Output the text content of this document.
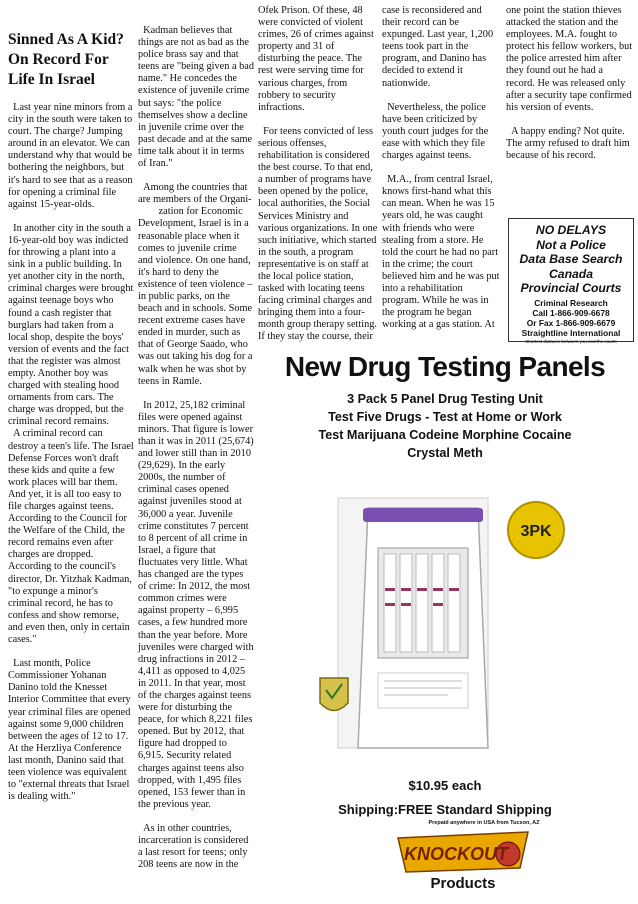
Sinned As A Kid? On Record For Life In Israel

Last year nine minors from a city in the south were taken to court. The charge? Jumping around in an elevator. We can understand why that would be bothering the neighbors, but it's hard to see that as a reason for opening a criminal file against 15-year-olds.

In another city in the south a 16-year-old boy was indicted for throwing a plant into a sink in a public building. In yet another city in the north, criminal charges were brought against teenage boys who found a cash register that burglars had taken from a local shop, despite the boys' version of events and the fact that the register was almost empty. Another boy was charged with stealing hood ornaments from cars. The charge was dropped, but the criminal record remains.

A criminal record can destroy a teen's life. The Israel Defense Forces won't draft these kids and quite a few work places will bar them. And yet, it is all too easy to file charges against teens. According to the Council for the Welfare of the Child, the record remains even after charges are dropped. According to the council's director, Dr. Yitzhak Kadman, "to expunge a minor's criminal record, he has to confess and show remorse, and even then, only in certain cases."

Last month, Police Commissioner Yohanan Danino told the Knesset Interior Committee that every year criminal files are opened against some 9,000 children between the ages of 12 to 17. At the Herzliya Conference last month, Danino said that teen violence was equivalent to "external threats that Israel is dealing with."

Kadman believes that things are not as bad as the police brass say and that teens are "being given a bad name." He concedes the existence of juvenile crime but says: "the police themselves show a decline in juvenile crime over the past decade and at the same time talk about it in terms of Iran."

Among the countries that are members of the Organi-
zation for Economic Development, Israel is in a reasonable place when it comes to juvenile crime and violence. On one hand, it's hard to deny the existence of teen violence – in public parks, on the beach and in schools. Some recent extreme cases have ended in murder, such as that of George Saado, who was out taking his dog for a walk when he was shot by teens in Ramle.

In 2012, 25,182 criminal files were opened against minors. That figure is lower than it was in 2011 (25,674) and lower still than in 2010 (29,629). In the early 2000s, the number of criminal cases opened against juveniles stood at 36,000 a year. Juvenile crime constitutes 7 percent to 8 percent of all crime in Israel, a figure that fluctuates very little. What has changed are the types of crime: In 2012, the most common crimes were against property – 6,995 cases, a few hundred more than the year before. More juveniles were charged with drug infractions in 2012 – 4,411 as opposed to 4,025 in 2011. In that year, most of the charges against teens were for disturbing the peace, for which 8,221 files opened. But by 2012, that figure had dropped to 6,915. Security related charges against teens also dropped, with 1,495 files opened, 153 fewer than in the previous year.

As in other countries, incarceration is considered a last resort for teens; only 208 teens are now in the

Ofek Prison. Of these, 48 were convicted of violent crimes, 26 of crimes against property and 31 of disturbing the peace. The rest were serving time for various charges, from robbery to security infractions.

For teens convicted of less serious offenses, rehabilitation is considered the best course. To that end, a number of programs have been opened by the police, local authorities, the Social Services Ministry and various organizations. In one such initiative, which started in the south, a program representative is on staff at the local police station, tasked with locating teens facing criminal charges and bringing them into a four-month group therapy setting. If they stay the course, their

case is reconsidered and their record can be expunged. Last year, 1,200 teens took part in the program, and Danino has decided to extend it nationwide.

Nevertheless, the police have been criticized by youth court judges for the ease with which they file charges against teens.

M.A., from central Israel, knows first-hand what this can mean. When he was 15 years old, he was caught with friends who were stealing from a store. He told the court he had no part in the crime; the court believed him and he was put into a rehabilitation program. While he was in the program he began working at a gas station. At

one point the station thieves attacked the station and the employees. M.A. fought to protect his fellow workers, but the police arrested him after they found out he had a record. He was released only after a security tape confirmed his version of events.

A happy ending? Not quite. The army refused to draft him because of his record.

NO DELAYS
Not a Police
Data Base Search
Canada
Provincial Courts
Criminal Research
Call 1-866-909-6678
Or Fax 1-866-909-6679
Straightline International
Shortest distance between you and the courts
New Drug Testing Panels
3 Pack 5 Panel Drug Testing Unit
Test Five Drugs - Test at Home or Work
Test Marijuana Codeine Morphine Cocaine
Crystal Meth
3PK
$10.95 each
Shipping:FREE Standard Shipping
Prepaid anywhere in USA from Tucson, AZ
KNOCKOUT
Products
